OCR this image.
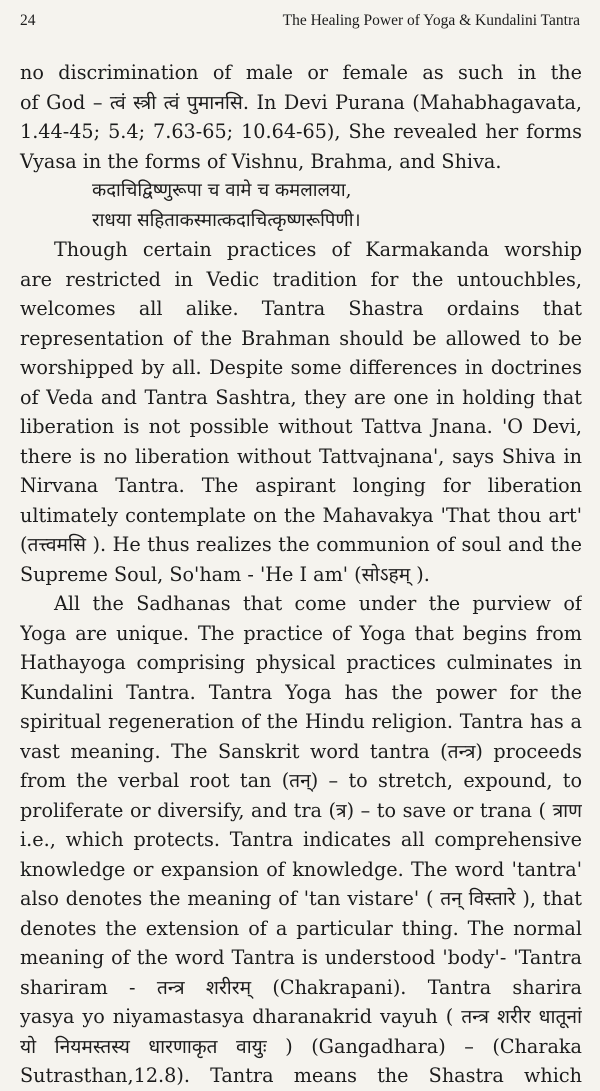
24	The Healing Power of Yoga & Kundalini Tantra
no discrimination of male or female as such in the
of God – त्वं स्त्री त्वं पुमानसि. In Devi Purana (Mahabhagavata,
1.44-45; 5.4; 7.63-65; 10.64-65), She revealed her forms
Vyasa in the forms of Vishnu, Brahma, and Shiva.
कदाचिद्विष्णुरूपा च वामे च कमलालया,
राधया सहिताकस्मात्कदाचित्कृष्णरूपिणी।
Though certain practices of Karmakanda worship
are restricted in Vedic tradition for the untouchbles,
welcomes all alike. Tantra Shastra ordains that
representation of the Brahman should be allowed to be
worshipped by all. Despite some differences in doctrines
of Veda and Tantra Sashtra, they are one in holding that
liberation is not possible without Tattva Jnana. 'O Devi,
there is no liberation without Tattvajnana', says Shiva in
Nirvana Tantra. The aspirant longing for liberation
ultimately contemplate on the Mahavakya 'That thou art'
(तत्त्वमसि ). He thus realizes the communion of soul and the
Supreme Soul, So'ham - 'He I am' (सोऽहम् ).
All the Sadhanas that come under the purview of
Yoga are unique. The practice of Yoga that begins from
Hathayoga comprising physical practices culminates in
Kundalini Tantra. Tantra Yoga has the power for the
spiritual regeneration of the Hindu religion. Tantra has a
vast meaning. The Sanskrit word tantra (तन्त्र) proceeds
from the verbal root tan (तन्) – to stretch, expound, to
proliferate or diversify, and tra (त्र) – to save or trana ( त्राण
i.e., which protects. Tantra indicates all comprehensive
knowledge or expansion of knowledge. The word 'tantra'
also denotes the meaning of 'tan vistare' ( तन् विस्तारे ), that
denotes the extension of a particular thing. The normal
meaning of the word Tantra is understood 'body'- 'Tantra
shariram - तन्त्र शरीरम् (Chakrapani). Tantra sharira
yasya yo niyamastasya dharanakrid vayuh ( तन्त्र शरीर धातूनां
यो नियमस्तस्य धारणाकृत वायुः ) (Gangadhara) – (Charaka
Sutrasthan,12.8). Tantra means the Shastra which
